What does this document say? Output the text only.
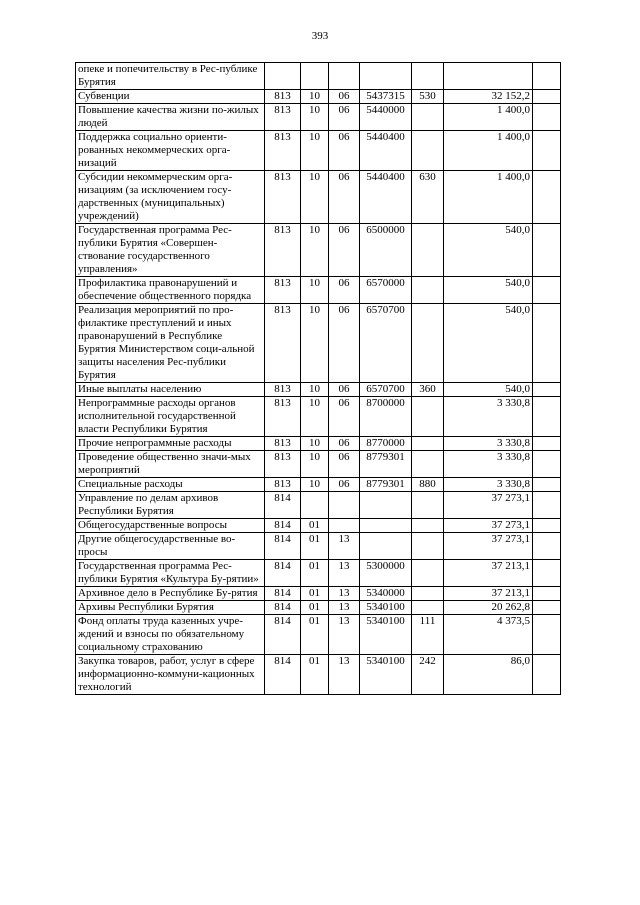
393
опеке и попечительству в Рес-публике Бурятия							
Субвенции	813	10	06	5437315	530	32 152,2	
Повышение качества жизни по-жилых людей	813	10	06	5440000		1 400,0	
Поддержка социально ориенти-рованных некоммерческих орга-низаций	813	10	06	5440400		1 400,0	
Субсидии некоммерческим орга-низациям (за исключением госу-дарственных (муниципальных) учреждений)	813	10	06	5440400	630	1 400,0	
Государственная программа Рес-публики Бурятия «Совершен-ствование государственного управления»	813	10	06	6500000		540,0	
Профилактика правонарушений и обеспечение общественного порядка	813	10	06	6570000		540,0	
Реализация мероприятий по про-филактике преступлений и иных правонарушений в Республике Бурятия Министерством соци-альной защиты населения Рес-публики Бурятия	813	10	06	6570700		540,0	
Иные выплаты населению	813	10	06	6570700	360	540,0	
Непрограммные расходы органов исполнительной государственной власти Республики Бурятия	813	10	06	8700000		3 330,8	
Прочие непрограммные расходы	813	10	06	8770000		3 330,8	
Проведение общественно значи-мых мероприятий	813	10	06	8779301		3 330,8	
Специальные расходы	813	10	06	8779301	880	3 330,8	
Управление по делам архивов Республики Бурятия	814					37 273,1	
Общегосударственные вопросы	814	01				37 273,1	
Другие общегосударственные во-просы	814	01	13			37 273,1	
Государственная программа Рес-публики Бурятия «Культура Бу-рятии»	814	01	13	5300000		37 213,1	
Архивное дело в Республике Бу-рятия	814	01	13	5340000		37 213,1	
Архивы Республики Бурятия	814	01	13	5340100		20 262,8	
Фонд оплаты труда казенных учре-ждений и взносы по обязательному социальному страхованию	814	01	13	5340100	111	4 373,5	
Закупка товаров, работ, услуг в сфере информационно-коммуни-кационных технологий	814	01	13	5340100	242	86,0	
